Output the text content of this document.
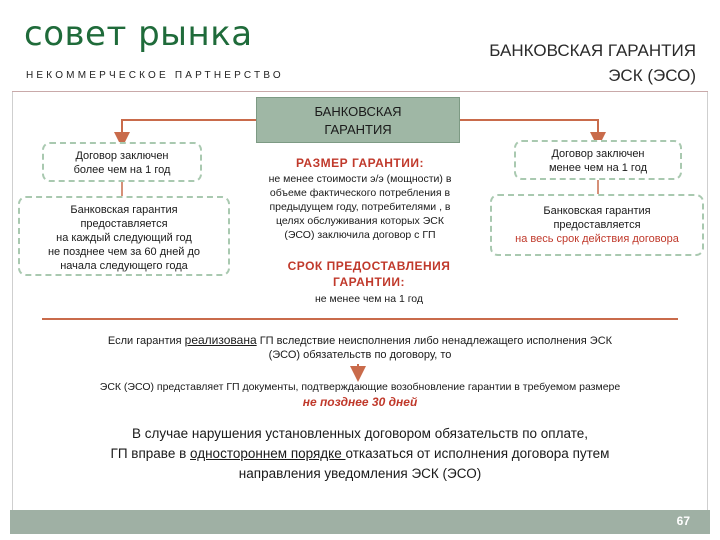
совет рынка
НЕКОММЕРЧЕСКОЕ ПАРТНЕРСТВО
БАНКОВСКАЯ ГАРАНТИЯ
ЭСК (ЭСО)
БАНКОВСКАЯ
ГАРАНТИЯ
Договор заключен
более чем на 1 год
Банковская гарантия
предоставляется
на каждый следующий год
не позднее чем за 60 дней до
начала следующего года
Договор заключен
менее чем на 1 год
Банковская гарантия
предоставляется
на весь срок действия договора
РАЗМЕР ГАРАНТИИ:
не менее стоимости э/э (мощности) в
объеме фактического потребления в
предыдущем году, потребителями , в
целях обслуживания которых ЭСК
(ЭСО) заключила договор с ГП
СРОК ПРЕДОСТАВЛЕНИЯ
ГАРАНТИИ:
не менее чем на 1 год
Если гарантия реализована ГП вследствие неисполнения либо ненадлежащего исполнения ЭСК
(ЭСО) обязательств по договору, то
ЭСК (ЭСО) представляет ГП документы, подтверждающие возобновление гарантии в требуемом размере
не позднее 30 дней
В случае нарушения установленных договором обязательств по оплате,
ГП вправе в одностороннем порядке отказаться от исполнения договора путем
направления уведомления ЭСК (ЭСО)
67
